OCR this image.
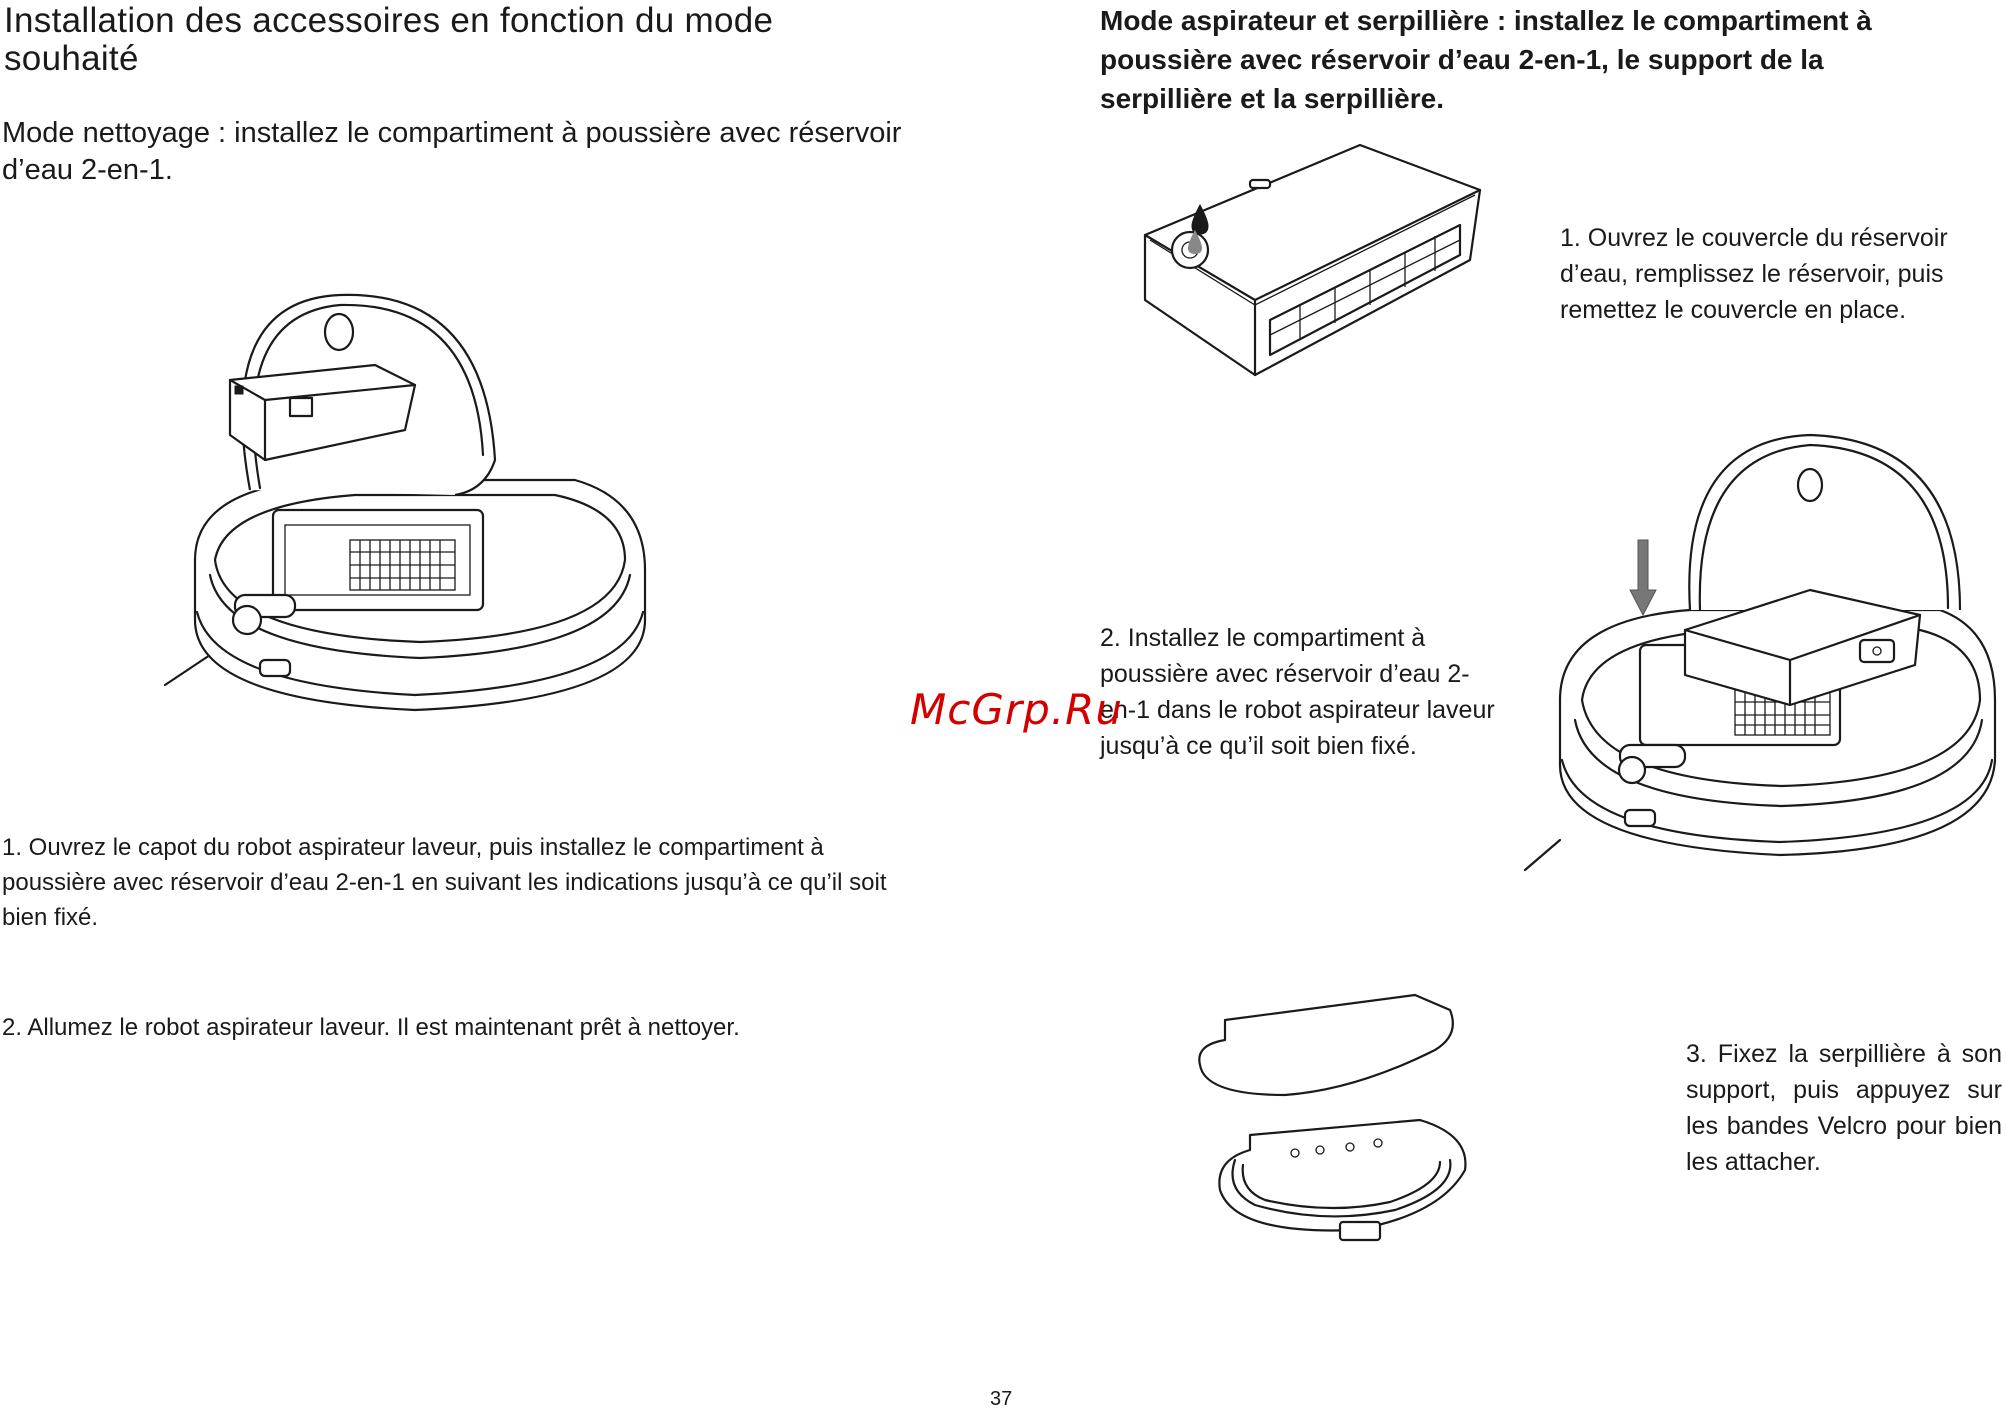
Installation des accessoires en fonction du mode souhaité
Mode nettoyage : installez le compartiment à poussière avec réservoir d’eau 2-en-1.
1. Ouvrez le capot du robot aspirateur laveur, puis installez le compartiment à poussière avec réservoir d’eau 2-en-1 en suivant les indications jusqu’à ce qu’il soit bien fixé.
2. Allumez le robot aspirateur laveur. Il est maintenant prêt à nettoyer.
Mode aspirateur et serpillière : installez le compartiment à poussière avec réservoir d’eau 2-en-1, le support de la serpillière et la serpillière.
1. Ouvrez le couvercle du réservoir d’eau, remplissez le réservoir, puis remettez le couvercle en place.
2. Installez le compartiment à poussière avec réservoir d’eau 2-en-1 dans le robot aspirateur laveur jusqu’à ce qu’il soit bien fixé.
3. Fixez la serpillière à son support, puis appuyez sur les bandes Velcro pour bien les attacher.
McGrp.Ru
37
